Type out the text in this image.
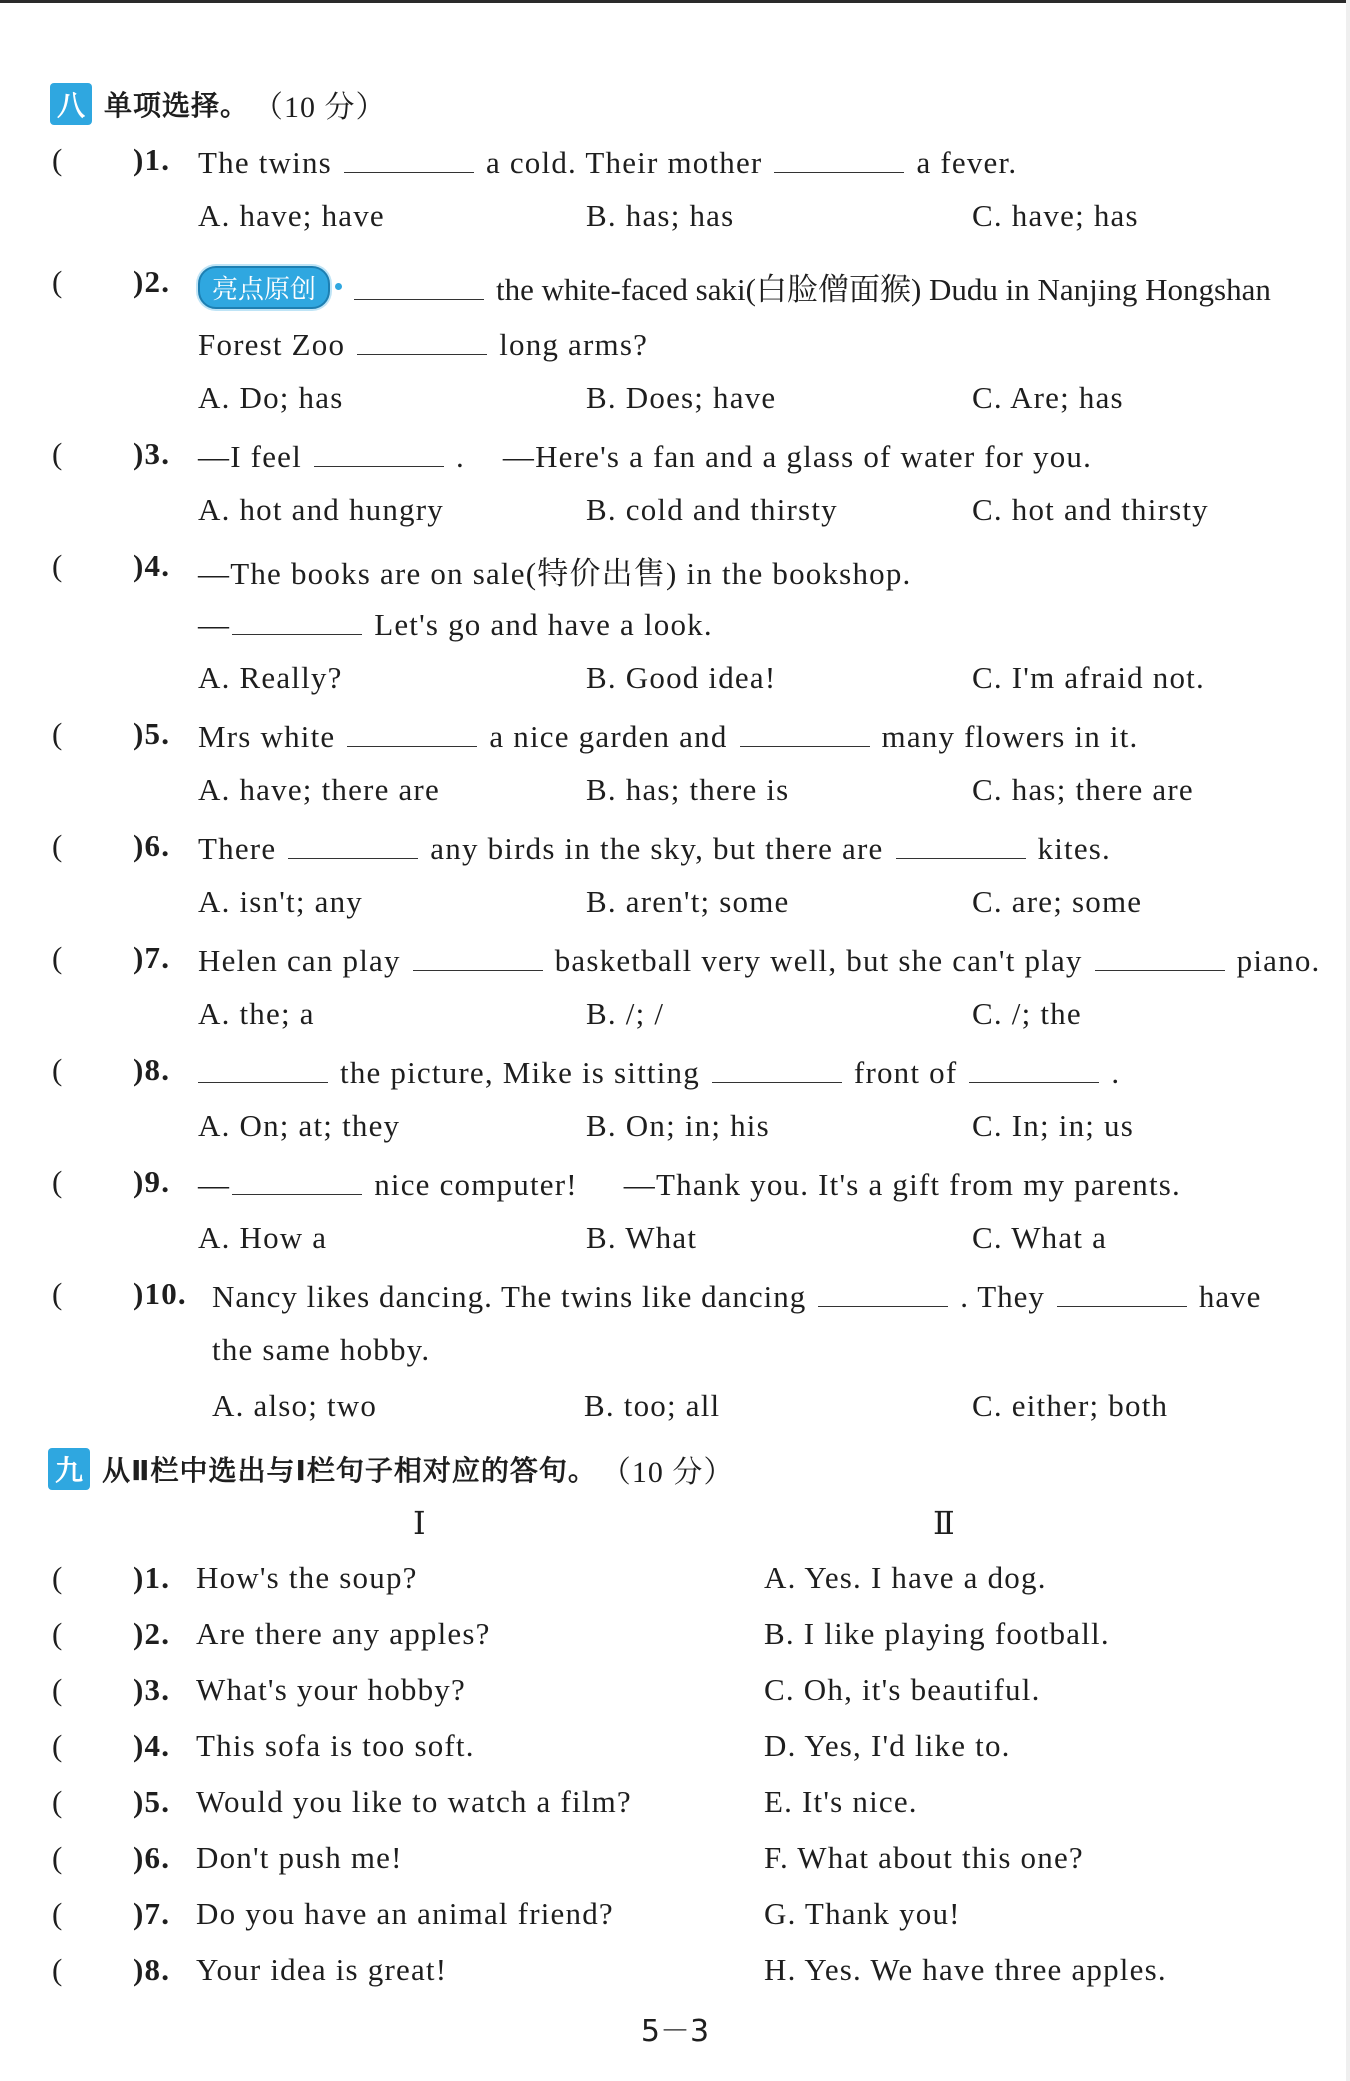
八 单项选择。 （10 分）
( )1. The twins	a cold. Their mother	a fever.
A. have; have	B. has; has	C. have; has
( )2.	亮点原创	the white-faced saki(白脸僧面猴) Dudu in Nanjing Hongshan
Forest Zoo	long arms?
A. Do; has	B. Does; have	C. Are; has
( )3. —I feel	. —Here's a fan and a glass of water for you.
A. hot and hungry	B. cold and thirsty	C. hot and thirsty
( )4. —The books are on sale(特价出售) in the bookshop.
—	Let's go and have a look.
A. Really?	B. Good idea!	C. I'm afraid not.
( )5. Mrs white	a nice garden and	many flowers in it.
A. have; there are	B. has; there is	C. has; there are
( )6. There	any birds in the sky, but there are	kites.
A. isn't; any	B. aren't; some	C. are; some
( )7. Helen can play	basketball very well, but she can't play	piano.
A. the; a	B. /; /	C. /; the
( )8.	the picture, Mike is sitting	front of	.
A. On; at; they	B. On; in; his	C. In; in; us
( )9. —	nice computer! —Thank you. It's a gift from my parents.
A. How a	B. What	C. What a
( )10. Nancy likes dancing. The twins like dancing	. They	have
the same hobby.
A. also; two	B. too; all	C. either; both
九 从Ⅱ栏中选出与Ⅰ栏句子相对应的答句。 （10 分）
Ⅰ	Ⅱ
( )1. How's the soup?	A. Yes. I have a dog.
( )2. Are there any apples?	B. I like playing football.
( )3. What's your hobby?	C. Oh, it's beautiful.
( )4. This sofa is too soft.	D. Yes, I'd like to.
( )5. Would you like to watch a film?	E. It's nice.
( )6. Don't push me!	F. What about this one?
( )7. Do you have an animal friend?	G. Thank you!
( )8. Your idea is great!	H. Yes. We have three apples.
5－3
